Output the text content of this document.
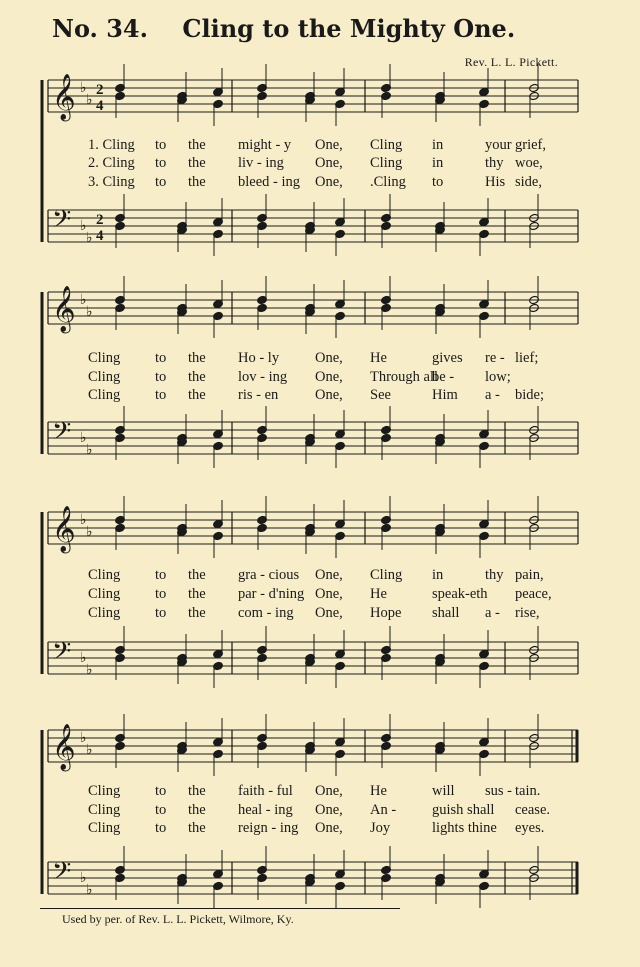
No. 34. Cling to the Mighty One.
Rev. L. L. Pickett.
𝄞 ♭
♭
2
4
𝄢 ♭
♭
2
4
1. Cling to the might - y One, Cling in	your grief,
2. Cling to the liv - ing One, Cling in	thy woe,
3. Cling to the bleed - ing One, .Cling to	His side,
𝄞 ♭
♭
𝄢 ♭
♭
Cling to the Ho - ly One, He	gives re - lief;
Cling to the lov - ing One, Through all
be - low;
Cling to the ris - en	One, See	Him a - bide;
𝄞 ♭
♭
𝄢 ♭
♭
Cling to the gra - cious One, Cling in	thy pain,
Cling to the par - d'ning One, He	speak-eth peace,
Cling to the com - ing One, Hope shall a - rise,
𝄞 ♭
♭
𝄢 ♭
♭
Cling to the faith - ful One, He	will sus - tain.
Cling to the heal - ing One, An - guish shall cease.
Cling to the reign - ing One, Joy	lights thine eyes.
Used by per. of Rev. L. L. Pickett, Wilmore, Ky.
